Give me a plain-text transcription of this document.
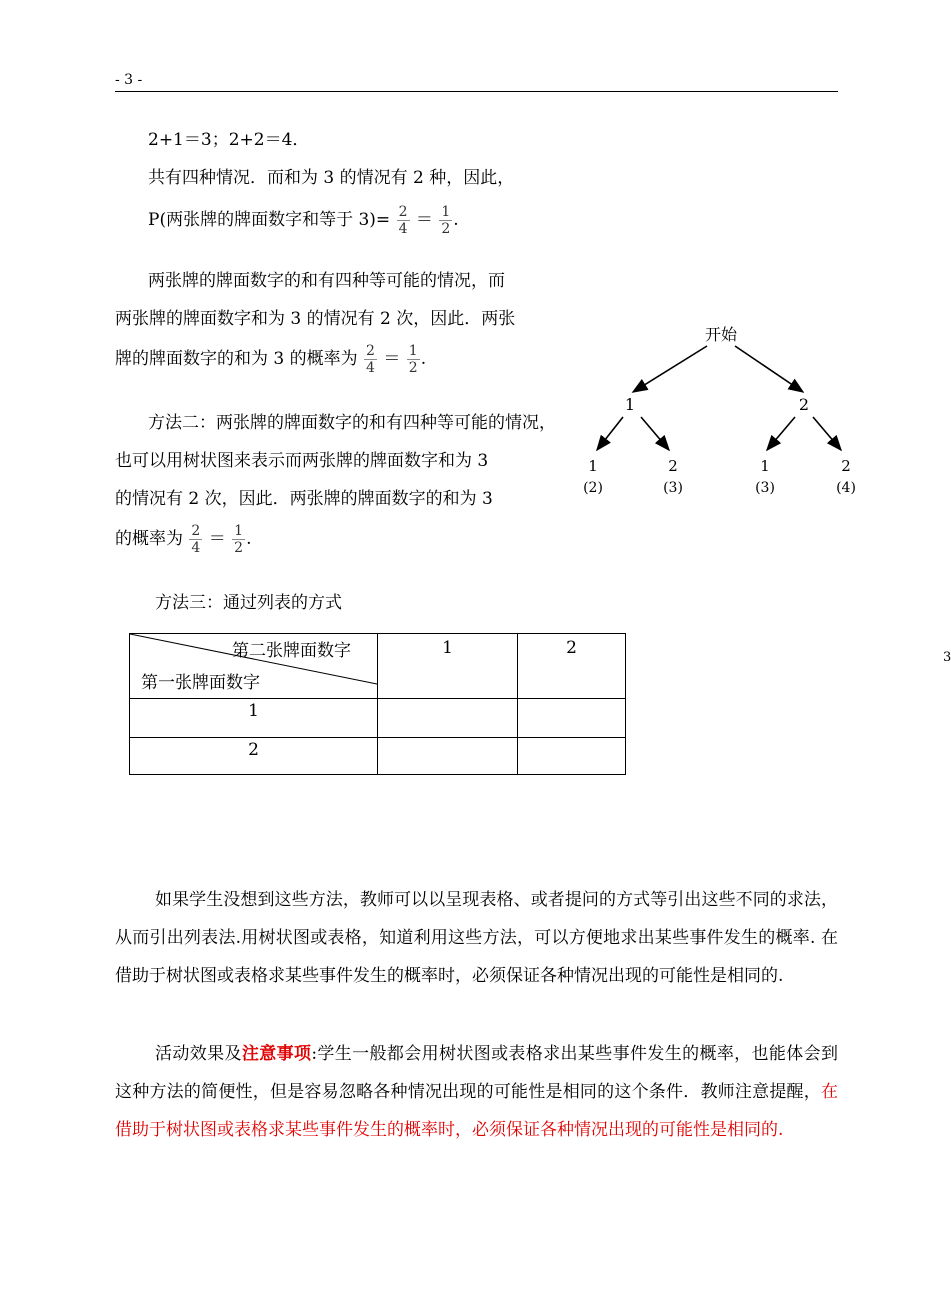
- 3 -
3
2+1＝3；2+2＝4．
共有四种情况．而和为 3 的情况有 2 种，因此，
P(两张牌的牌面数字和等于 $3)= \frac{2}{4} = \frac{1}{2}$ .
两张牌的牌面数字的和有四种等可能的情况，而
两张牌的牌面数字和为 3 的情况有 2 次，因此．两张
牌的牌面数字的和为 3 的概率为 $\frac{2}{4} = \frac{1}{2}$ .
方法二：两张牌的牌面数字的和有四种等可能的情况，
也可以用树状图来表示而两张牌的牌面数字和为 3
的情况有 2 次，因此．两张牌的牌面数字的和为 3
的概率为 $\frac{2}{4} = \frac{1}{2}$ .
方法三：通过列表的方式
开始
1	2
1	2	1	2
(2)	(3)	(3)	(4)
第二张牌面数字
第一张牌面数字	1	2
1		
2		
如果学生没想到这些方法，教师可以以呈现表格、或者提问的方式等引出这些不同的求法，从而引出列表法.用树状图或表格，知道利用这些方法，可以方便地求出某些事件发生的概率. 在借助于树状图或表格求某些事件发生的概率时，必须保证各种情况出现的可能性是相同的.
活动效果及注意事项:学生一般都会用树状图或表格求出某些事件发生的概率，也能体会到这种方法的简便性，但是容易忽略各种情况出现的可能性是相同的这个条件．教师注意提醒，在借助于树状图或表格求某些事件发生的概率时，必须保证各种情况出现的可能性是相同的.
